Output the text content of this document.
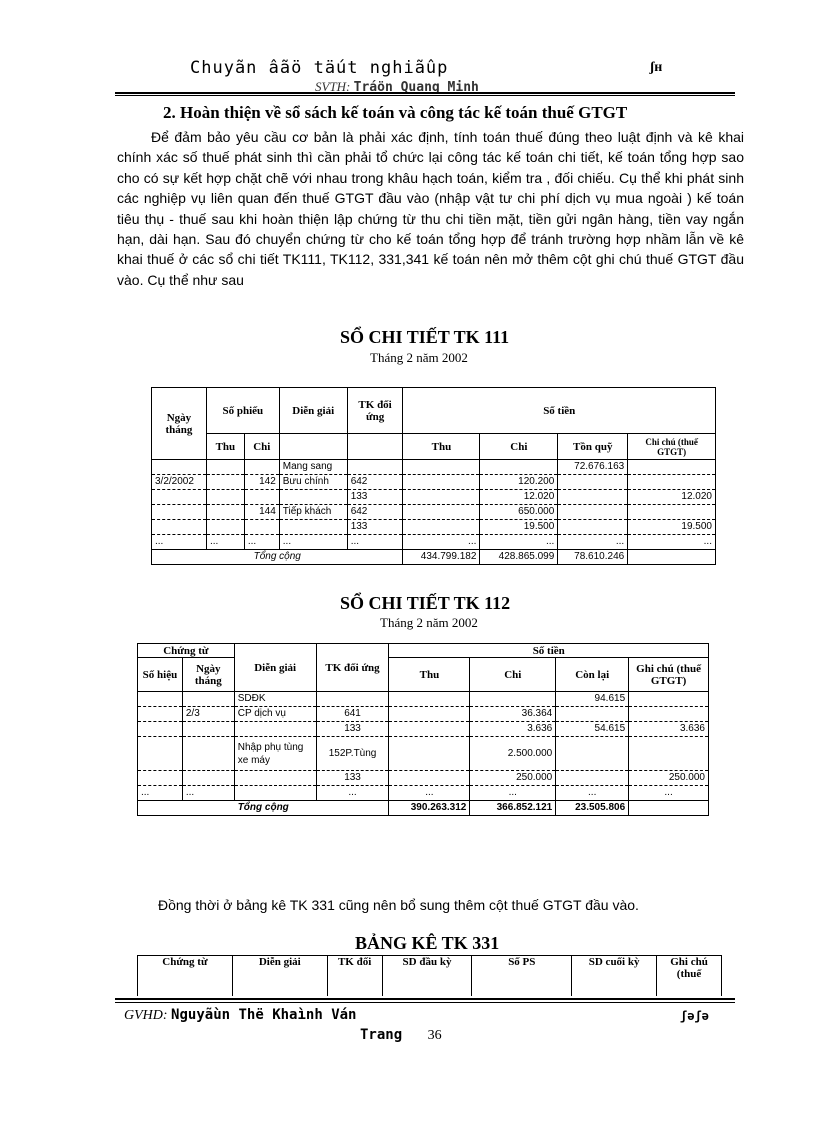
Chuyãn âãö täút nghiãûp	ʃн
SVTH: Tráön Quang Minh
2. Hoàn thiện về sổ sách kế toán và công tác kế toán thuế GTGT

Để đảm bảo yêu cầu cơ bản là phải xác định, tính toán thuế đúng theo luật định và kê khai chính xác số thuế phát sinh thì cần phải tổ chức lại công tác kế toán chi tiết, kế toán tổng hợp sao cho có sự kết hợp chặt chẽ với nhau trong khâu hạch toán, kiểm tra , đối chiếu. Cụ thể khi phát sinh các nghiệp vụ liên quan đến thuế GTGT đầu vào (nhập vật tư chi phí dịch vụ mua ngoài ) kế toán tiêu thụ - thuế sau khi hoàn thiện lập chứng từ thu chi tiền mặt, tiền gửi ngân hàng, tiền vay ngắn hạn, dài hạn. Sau đó chuyển chứng từ cho kế toán tổng hợp để tránh trường hợp nhầm lẫn về kê khai thuế ở các sổ chi tiết TK111, TK112, 331,341 kế toán nên mở thêm cột ghi chú thuế GTGT đầu vào. Cụ thể như sau

SỔ CHI TIẾT TK 111
Tháng 2 năm 2002
Ngày tháng	Số phiếu		Diễn giải	TK đối ứng	Số tiền			
	Thu	Chi			Thu	Chi	Tồn quỹ	Chi chú (thuế GTGT)
			Mang sang				72.676.163	
3/2/2002		142	Bưu chính	642		120.200		
				133		12.020		12.020
		144	Tiếp khách	642		650.000		
				133		19.500		19.500
...	...	...	...	...	...	...	...	...
Tổng cộng					434.799.182	428.865.099	78.610.246	
SỔ CHI TIẾT TK 112
Tháng 2 năm 2002
Chứng từ		Diễn giải	TK đối ứng	Số tiền			
Số hiệu	Ngày tháng			Thu	Chi	Còn lại	Ghi chú (thuế GTGT)
		SDĐK				94.615	
	2/3	CP dịch vụ	641		36.364		
			133		3.636	54.615	3.636
		Nhập phụ tùng xe máy	152P.Tùng		2.500.000		
			133		250.000		250.000
...	...		...	...	...	...	...
Tổng cộng				390.263.312	366.852.121	23.505.806	
Đồng thời ở bảng kê TK 331 cũng nên bổ sung thêm cột thuế GTGT đầu vào.
BẢNG KÊ TK 331
Chứng từ	Diễn giải	TK đối	SD đầu kỳ	Số PS	SD cuối kỳ	Ghi chú (thuế
GVHD: Nguyãùn Thë Khaình Ván	ʃəʃə
Trang 36
